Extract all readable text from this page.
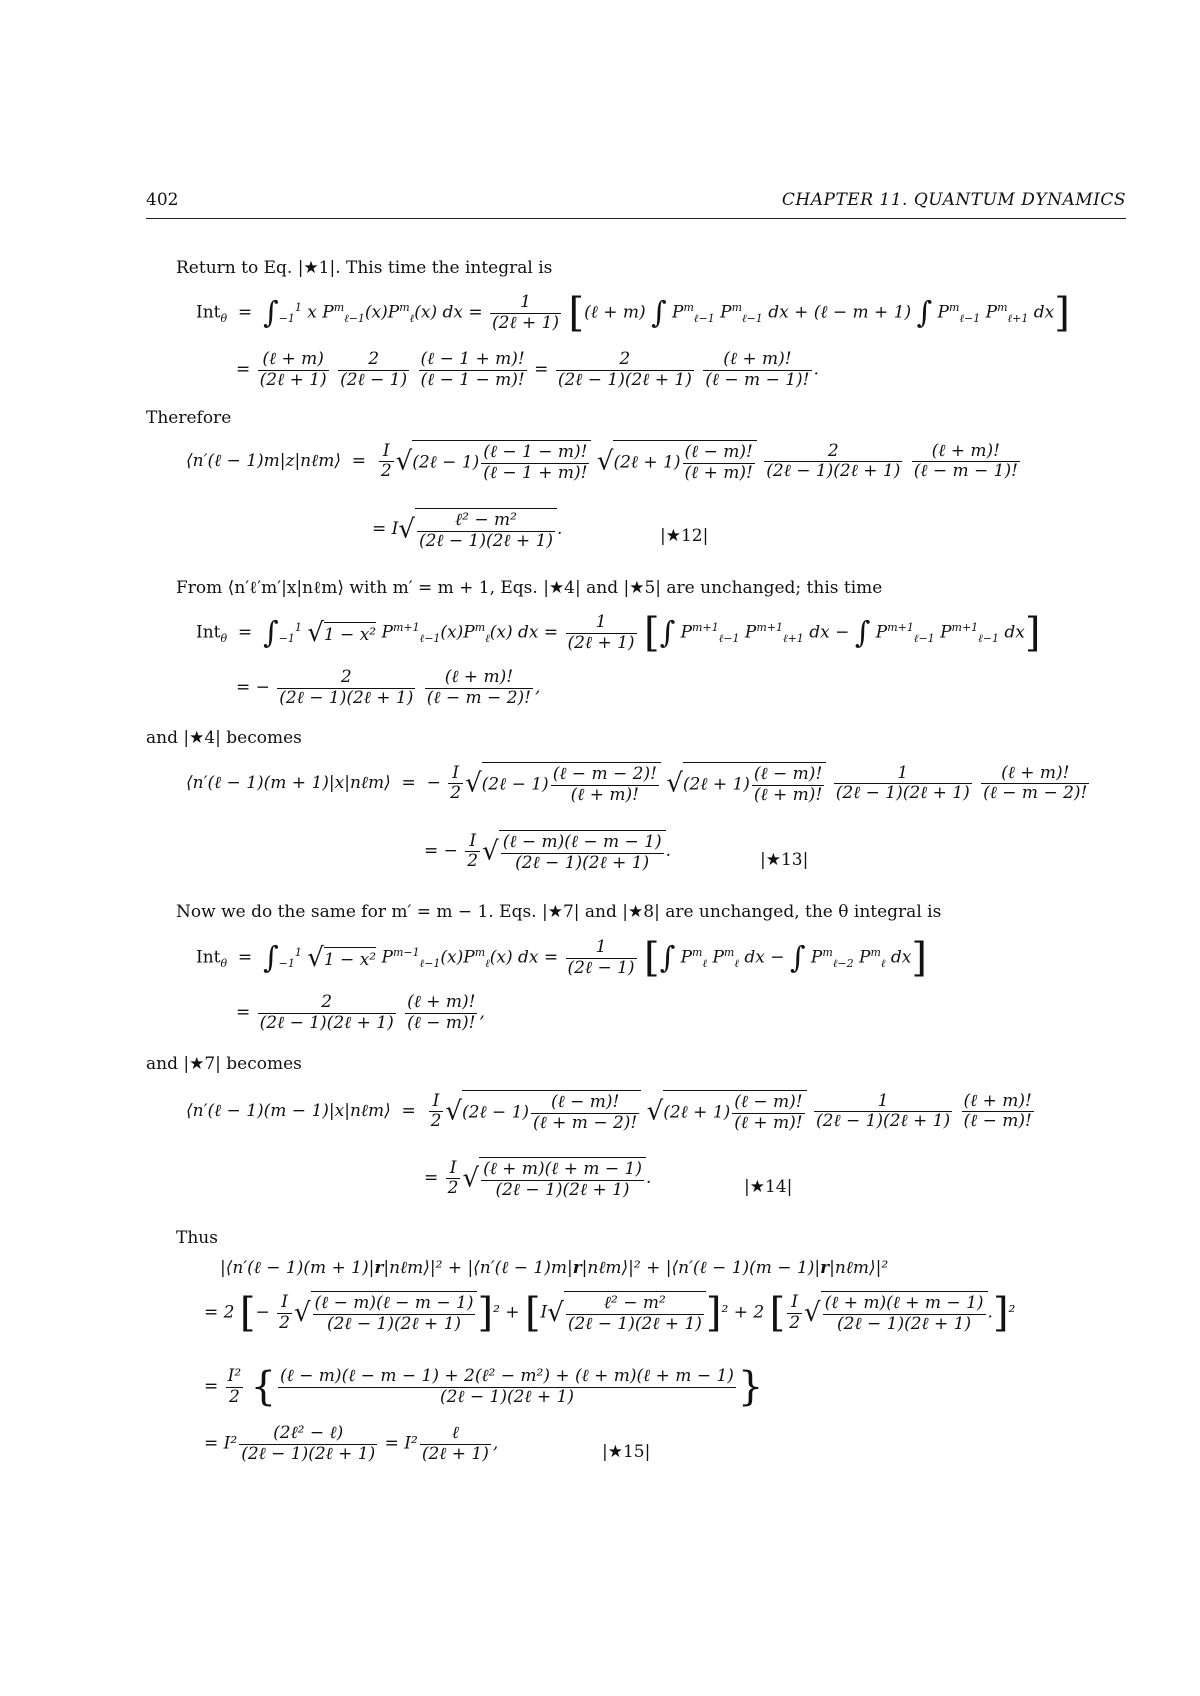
402	CHAPTER 11. QUANTUM DYNAMICS
Return to Eq. |★1|. This time the integral is
$Int_\theta = \int_{-1}^1$ x $P^m_{\ell-1}(x)P^m_\ell(x)$ dx = $\frac{1}{\text{(2ℓ + 1)}}$ [(ℓ + m) ∫ $P^m_{\ell-1}$ $P^m_{\ell-1}$ dx + (ℓ − m + 1) ∫ $P^m_{\ell-1}$ $P^m_{\ell+1}$ dx]
= $\frac{\text{(ℓ + m)}}{\text{(2ℓ + 1)}}$
$\frac{2}{\text{(2ℓ − 1)}}$
$\frac{\text{(ℓ − 1 + m)!}}{\text{(ℓ − 1 − m)!}} = \frac{2}{\text{(2ℓ − 1)(2ℓ + 1)}}$
$\frac{\text{(ℓ + m)!}}{\text{(ℓ − m − 1)!}}$ .
Therefore
⟨n′(ℓ − 1)m|z|nℓm⟩  = $\frac{I}{2}$ √(2ℓ − $1) \frac{\text{(ℓ − 1 − m)!}}{\text{(ℓ − 1 + m)!}}$ √(2ℓ + $1) \frac{\text{(ℓ − m)!}}{\text{(ℓ + m)!}}$
$\frac{2}{\text{(2ℓ − 1)(2ℓ + 1)}}$
$\frac{\text{(ℓ + m)!}}{\text{(ℓ − m − 1)!}}$
= $I√ \frac{\text{ℓ² − m²}}{\text{(2ℓ − 1)(2ℓ + 1)}}$ .	|★12|
From ⟨n′ℓ′m′|x|nℓm⟩ with m′ = m + 1, Eqs. |★4| and |★5| are unchanged; this time
$Int_\theta = \int_{-1}^1$ √1 − x² $P^{m+1}_{\ell-1}(x)P^m_\ell(x)$ dx = $\frac{1}{\text{(2ℓ + 1)}}$ [∫ $P^{m+1}_{\ell-1}$ $P^{m+1}_{\ell+1}$ dx − ∫ $P^{m+1}_{\ell-1}$ $P^{m+1}_{\ell-1}$ dx]
= − $\frac{2}{\text{(2ℓ − 1)(2ℓ + 1)}}$
$\frac{\text{(ℓ + m)!}}{\text{(ℓ − m − 2)!}}$ ,
and |★4| becomes
⟨n′(ℓ − 1)(m + 1)|x|nℓm⟩  =  − $\frac{I}{2}$ √(2ℓ − $1) \frac{\text{(ℓ − m − 2)!}}{\text{(ℓ + m)!}}$ √(2ℓ + $1) \frac{\text{(ℓ − m)!}}{\text{(ℓ + m)!}}$
$\frac{1}{\text{(2ℓ − 1)(2ℓ + 1)}}$
$\frac{\text{(ℓ + m)!}}{\text{(ℓ − m − 2)!}}$
= − $\frac{I}{2}$ √ $\frac{\text{(ℓ − m)(ℓ − m − 1)}}{\text{(2ℓ − 1)(2ℓ + 1)}}$ .	|★13|
Now we do the same for m′ = m − 1. Eqs. |★7| and |★8| are unchanged, the θ integral is
$Int_\theta = \int_{-1}^1$ √1 − x² $P^{m-1}_{\ell-1}(x)P^m_\ell(x)$ dx = $\frac{1}{\text{(2ℓ − 1)}}$ [∫ $P^m_\ell$ $P^m_\ell$ dx − ∫ $P^m_{\ell-2}$ $P^m_\ell$ dx]
= $\frac{2}{\text{(2ℓ − 1)(2ℓ + 1)}}$
$\frac{\text{(ℓ + m)!}}{\text{(ℓ − m)!}}$ ,
and |★7| becomes
⟨n′(ℓ − 1)(m − 1)|x|nℓm⟩  = $\frac{I}{2}$ √(2ℓ − $1) \frac{\text{(ℓ − m)!}}{\text{(ℓ + m − 2)!}}$ √(2ℓ + $1) \frac{\text{(ℓ − m)!}}{\text{(ℓ + m)!}}$
$\frac{1}{\text{(2ℓ − 1)(2ℓ + 1)}}$
$\frac{\text{(ℓ + m)!}}{\text{(ℓ − m)!}}$
= $\frac{I}{2}$ √ $\frac{\text{(ℓ + m)(ℓ + m − 1)}}{\text{(2ℓ − 1)(2ℓ + 1)}}$ .	|★14|
Thus
|⟨n′(ℓ − 1)(m + 1)|r|nℓm⟩|² + |⟨n′(ℓ − 1)m|r|nℓm⟩|² + |⟨n′(ℓ − 1)(m − 1)|r|nℓm⟩|²
= 2 [− $\frac{I}{2}$ √ $\frac{\text{(ℓ − m)(ℓ − m − 1)}}{\text{(2ℓ − 1)(2ℓ + 1)}} ]^2 + [I√ \frac{\text{ℓ² − m²}}{\text{(2ℓ − 1)(2ℓ + 1)}} ]^2 + 2$ [ $\frac{I}{2}$ √ $\frac{\text{(ℓ + m)(ℓ + m − 1)}}{\text{(2ℓ − 1)(2ℓ + 1)}} .]^2$
= $\frac{\text{I²}}{2}$ { $\frac{\text{(ℓ − m)(ℓ − m − 1) + 2(ℓ² − m²) + (ℓ + m)(ℓ + m − 1)}}{\text{(2ℓ − 1)(2ℓ + 1)}}$ }
= $I^2 \frac{\text{(2ℓ² − ℓ)}}{\text{(2ℓ − 1)(2ℓ + 1)}} = I^2 \frac{\text{ℓ}}{\text{(2ℓ + 1)}}$ ,	|★15|
